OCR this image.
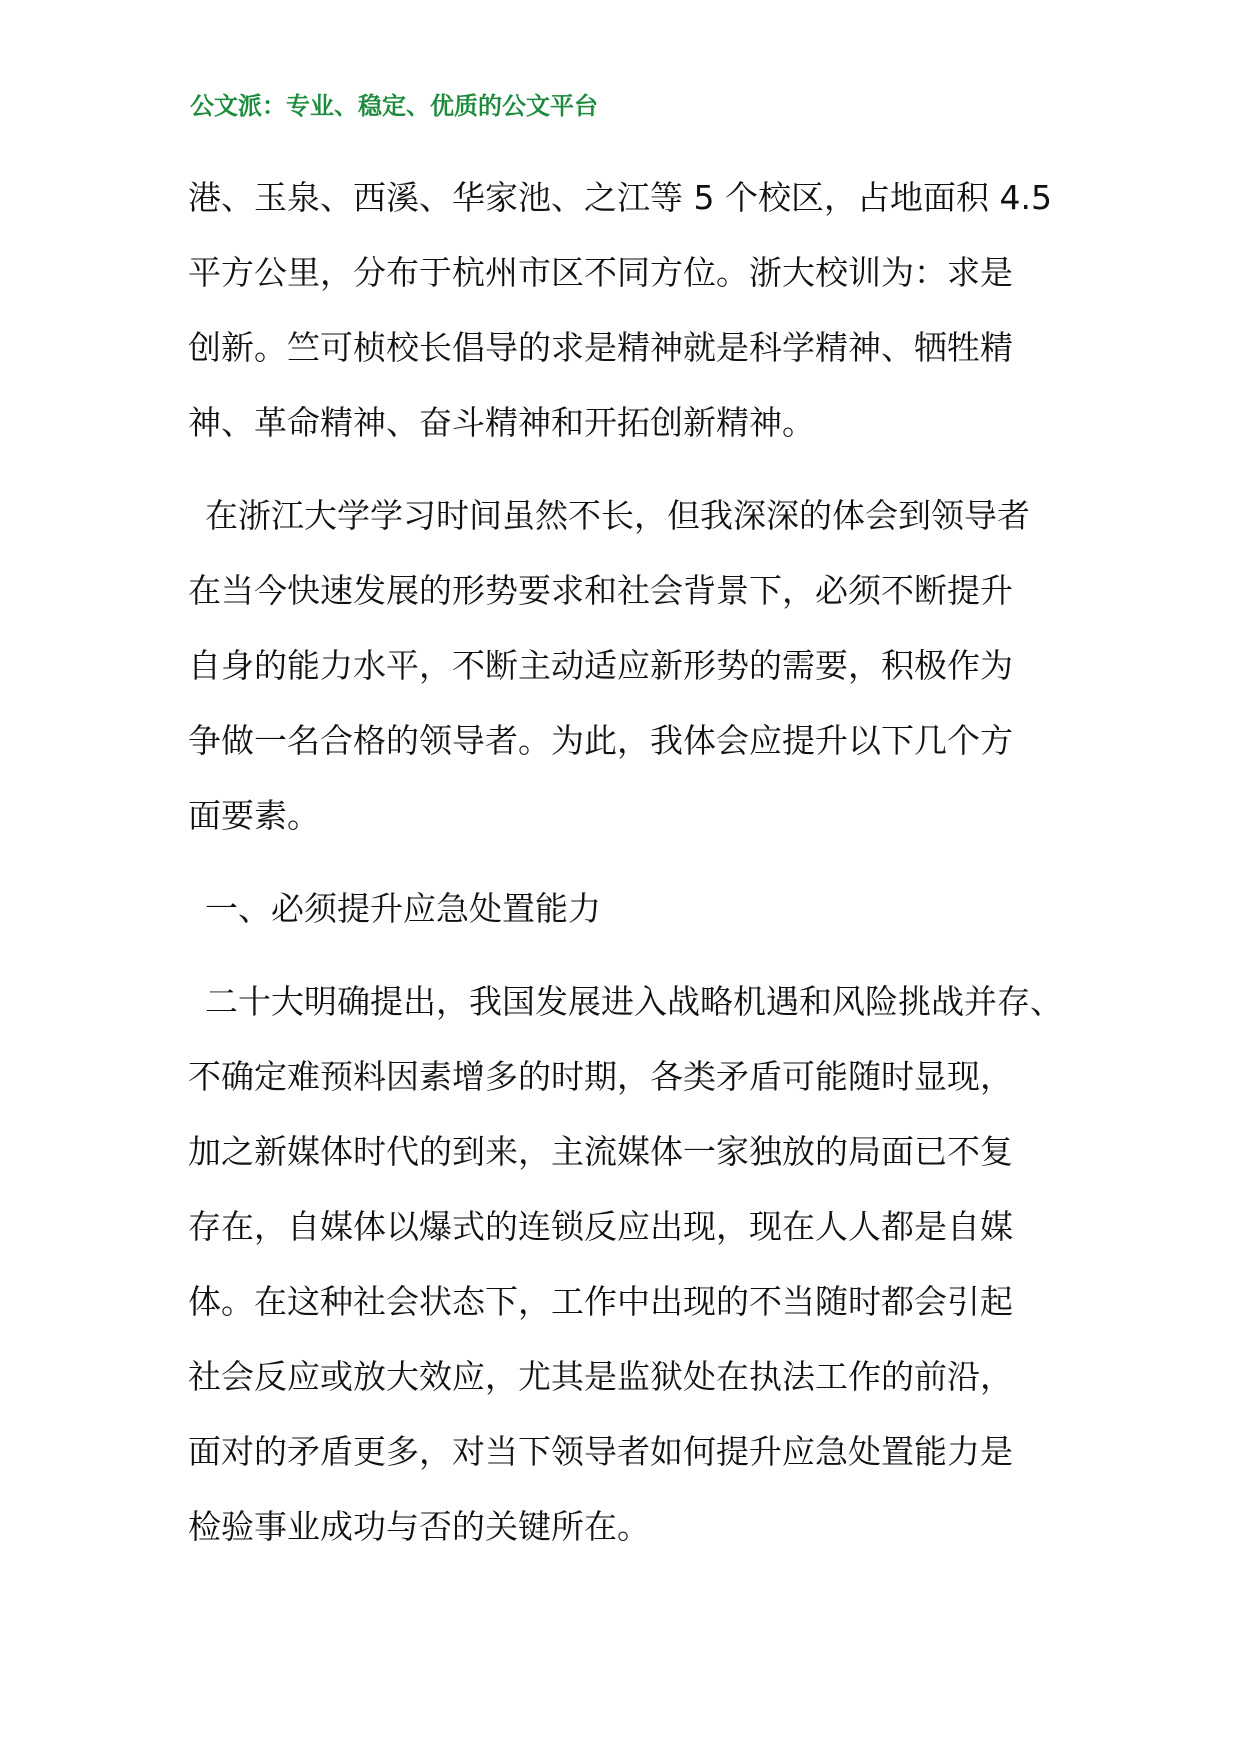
公文派：专业、稳定、优质的公文平台
港、玉泉、西溪、华家池、之江等 5 个校区，占地面积 4.5
平方公里，分布于杭州市区不同方位。浙大校训为：求是
创新。竺可桢校长倡导的求是精神就是科学精神、牺牲精
神、革命精神、奋斗精神和开拓创新精神。
在浙江大学学习时间虽然不长，但我深深的体会到领导者
在当今快速发展的形势要求和社会背景下，必须不断提升
自身的能力水平，不断主动适应新形势的需要，积极作为
争做一名合格的领导者。为此，我体会应提升以下几个方
面要素。
一、必须提升应急处置能力
二十大明确提出，我国发展进入战略机遇和风险挑战并存、
不确定难预料因素增多的时期，各类矛盾可能随时显现，
加之新媒体时代的到来，主流媒体一家独放的局面已不复
存在，自媒体以爆式的连锁反应出现，现在人人都是自媒
体。在这种社会状态下，工作中出现的不当随时都会引起
社会反应或放大效应，尤其是监狱处在执法工作的前沿，
面对的矛盾更多，对当下领导者如何提升应急处置能力是
检验事业成功与否的关键所在。
